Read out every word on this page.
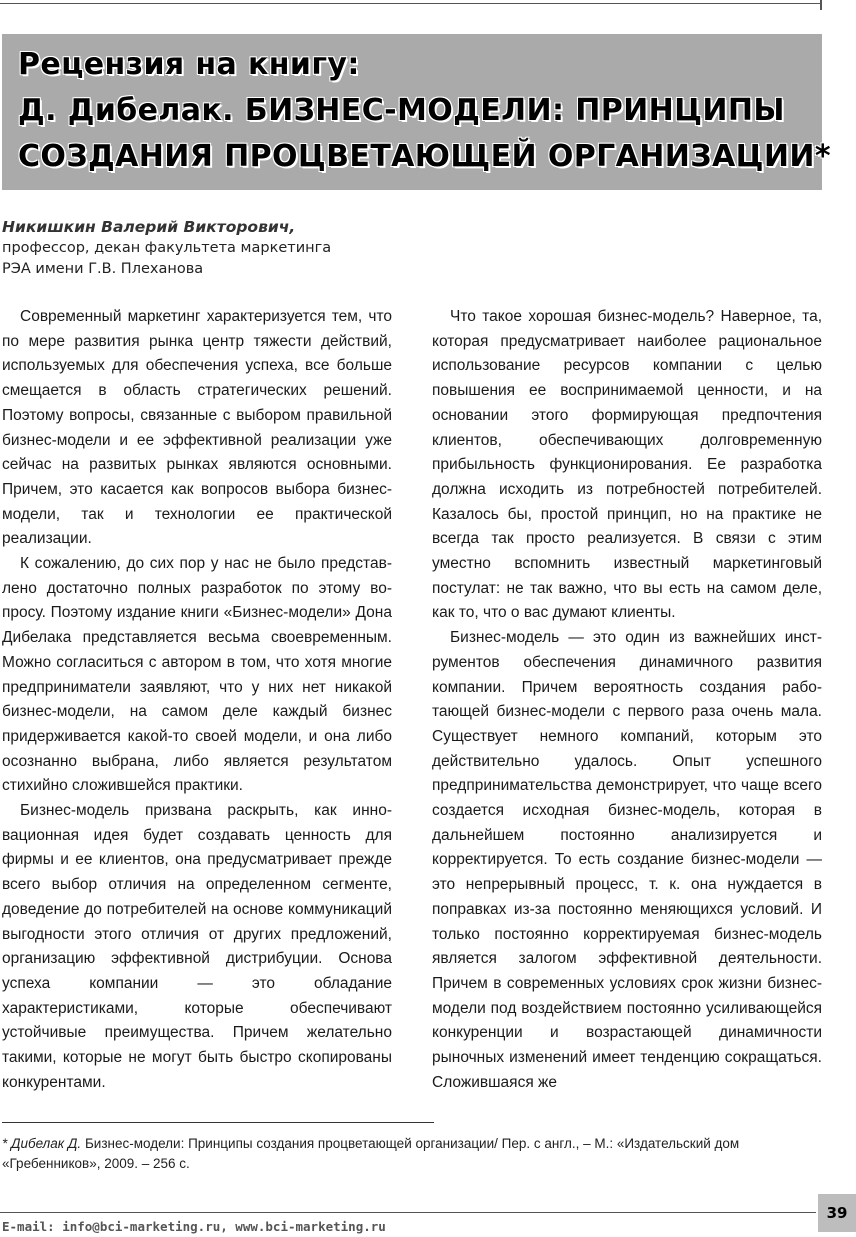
Рецензия на книгу:
Д. Дибелак. БИЗНЕС-МОДЕЛИ: ПРИНЦИПЫ
СОЗДАНИЯ ПРОЦВЕТАЮЩЕЙ ОРГАНИЗАЦИИ*
Никишкин Валерий Викторович,
профессор, декан факультета маркетинга
РЭА имени Г.В. Плеханова

Современный маркетинг характеризуется тем, что по мере развития рынка центр тяжести действий, используемых для обеспечения успеха, все больше смещается в область стратегических решений. Поэтому вопросы, связанные с выбором правильной бизнес-модели и ее эффективной реализации уже сейчас на развитых рынках являются основными. Причем, это касается как вопросов выбора бизнес-модели, так и технологии ее практической реализации.

К сожалению, до сих пор у нас не было представлено достаточно полных разработок по этому вопросу. Поэтому издание книги «Бизнес-модели» Дона Дибелака представляется весьма своевременным. Можно согласиться с автором в том, что хотя многие предприниматели заявляют, что у них нет никакой бизнес-модели, на самом деле каждый бизнес придерживается какой-то своей модели, и она либо осознанно выбрана, либо является результатом стихийно сложившейся практики.

Бизнес-модель призвана раскрыть, как инновационная идея будет создавать ценность для фирмы и ее клиентов, она предусматривает прежде всего выбор отличия на определенном сегменте, доведение до потребителей на основе коммуникаций выгодности этого отличия от других предложений, организацию эффективной дистрибуции. Основа успеха компании — это обладание характеристиками, которые обеспечивают устойчивые преимущества. Причем желательно такими, которые не могут быть быстро скопированы конкурентами.

Что такое хорошая бизнес-модель? Наверное, та, которая предусматривает наиболее рациональное использование ресурсов компании с целью повышения ее воспринимаемой ценности, и на основании этого формирующая предпочтения клиентов, обеспечивающих долговременную прибыльность функционирования. Ее разработка должна исходить из потребностей потребителей. Казалось бы, простой принцип, но на практике не всегда так просто реализуется. В связи с этим уместно вспомнить известный маркетинговый постулат: не так важно, что вы есть на самом деле, как то, что о вас думают клиенты.

Бизнес-модель — это один из важнейших инструментов обеспечения динамичного развития компании. Причем вероятность создания работающей бизнес-модели с первого раза очень мала. Существует немного компаний, которым это действительно удалось. Опыт успешного предпринимательства демонстрирует, что чаще всего создается исходная бизнес-модель, которая в дальнейшем постоянно анализируется и корректируется. То есть создание бизнес-модели — это непрерывный процесс, т. к. она нуждается в поправках из-за постоянно меняющихся условий. И только постоянно корректируемая бизнес-модель является залогом эффективной деятельности. Причем в современных условиях срок жизни бизнес-модели под воздействием постоянно усиливающейся конкуренции и возрастающей динамичности рыночных изменений имеет тенденцию сокращаться. Сложившаяся же

* Дибелак Д. Бизнес-модели: Принципы создания процветающей организации/ Пер. с англ., – М.: «Издательский дом «Гребенников», 2009. – 256 с.
E-mail: info@bci-marketing.ru, www.bci-marketing.ru
39
